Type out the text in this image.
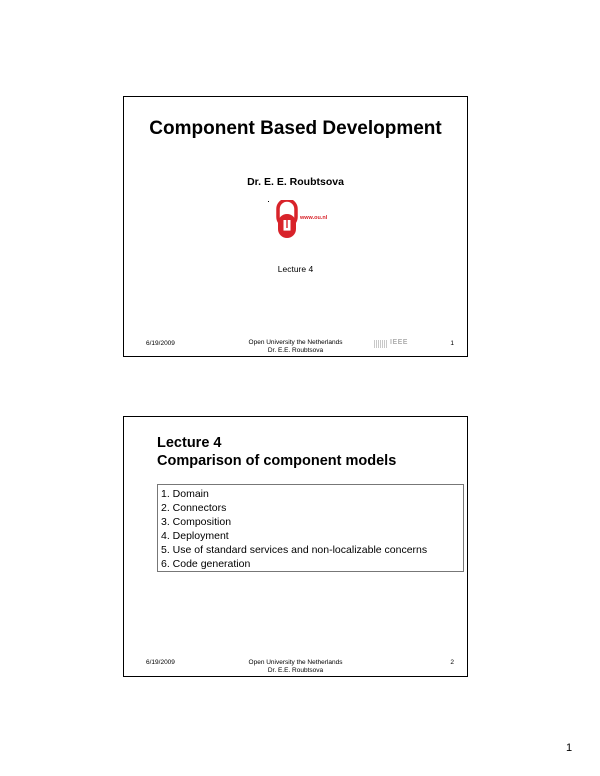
Component Based Development
Dr. E. E. Roubtsova
www.ou.nl
Lecture 4
6/19/2009	Open University the Netherlands
Dr. E.E. Roubtsova
IEEE	1
Lecture 4
Comparison of component models
1. Domain
2. Connectors
3. Composition
4. Deployment
5. Use of standard services and non-localizable concerns
6. Code generation
6/19/2009	Open University the Netherlands
Dr. E.E. Roubtsova
2
1
